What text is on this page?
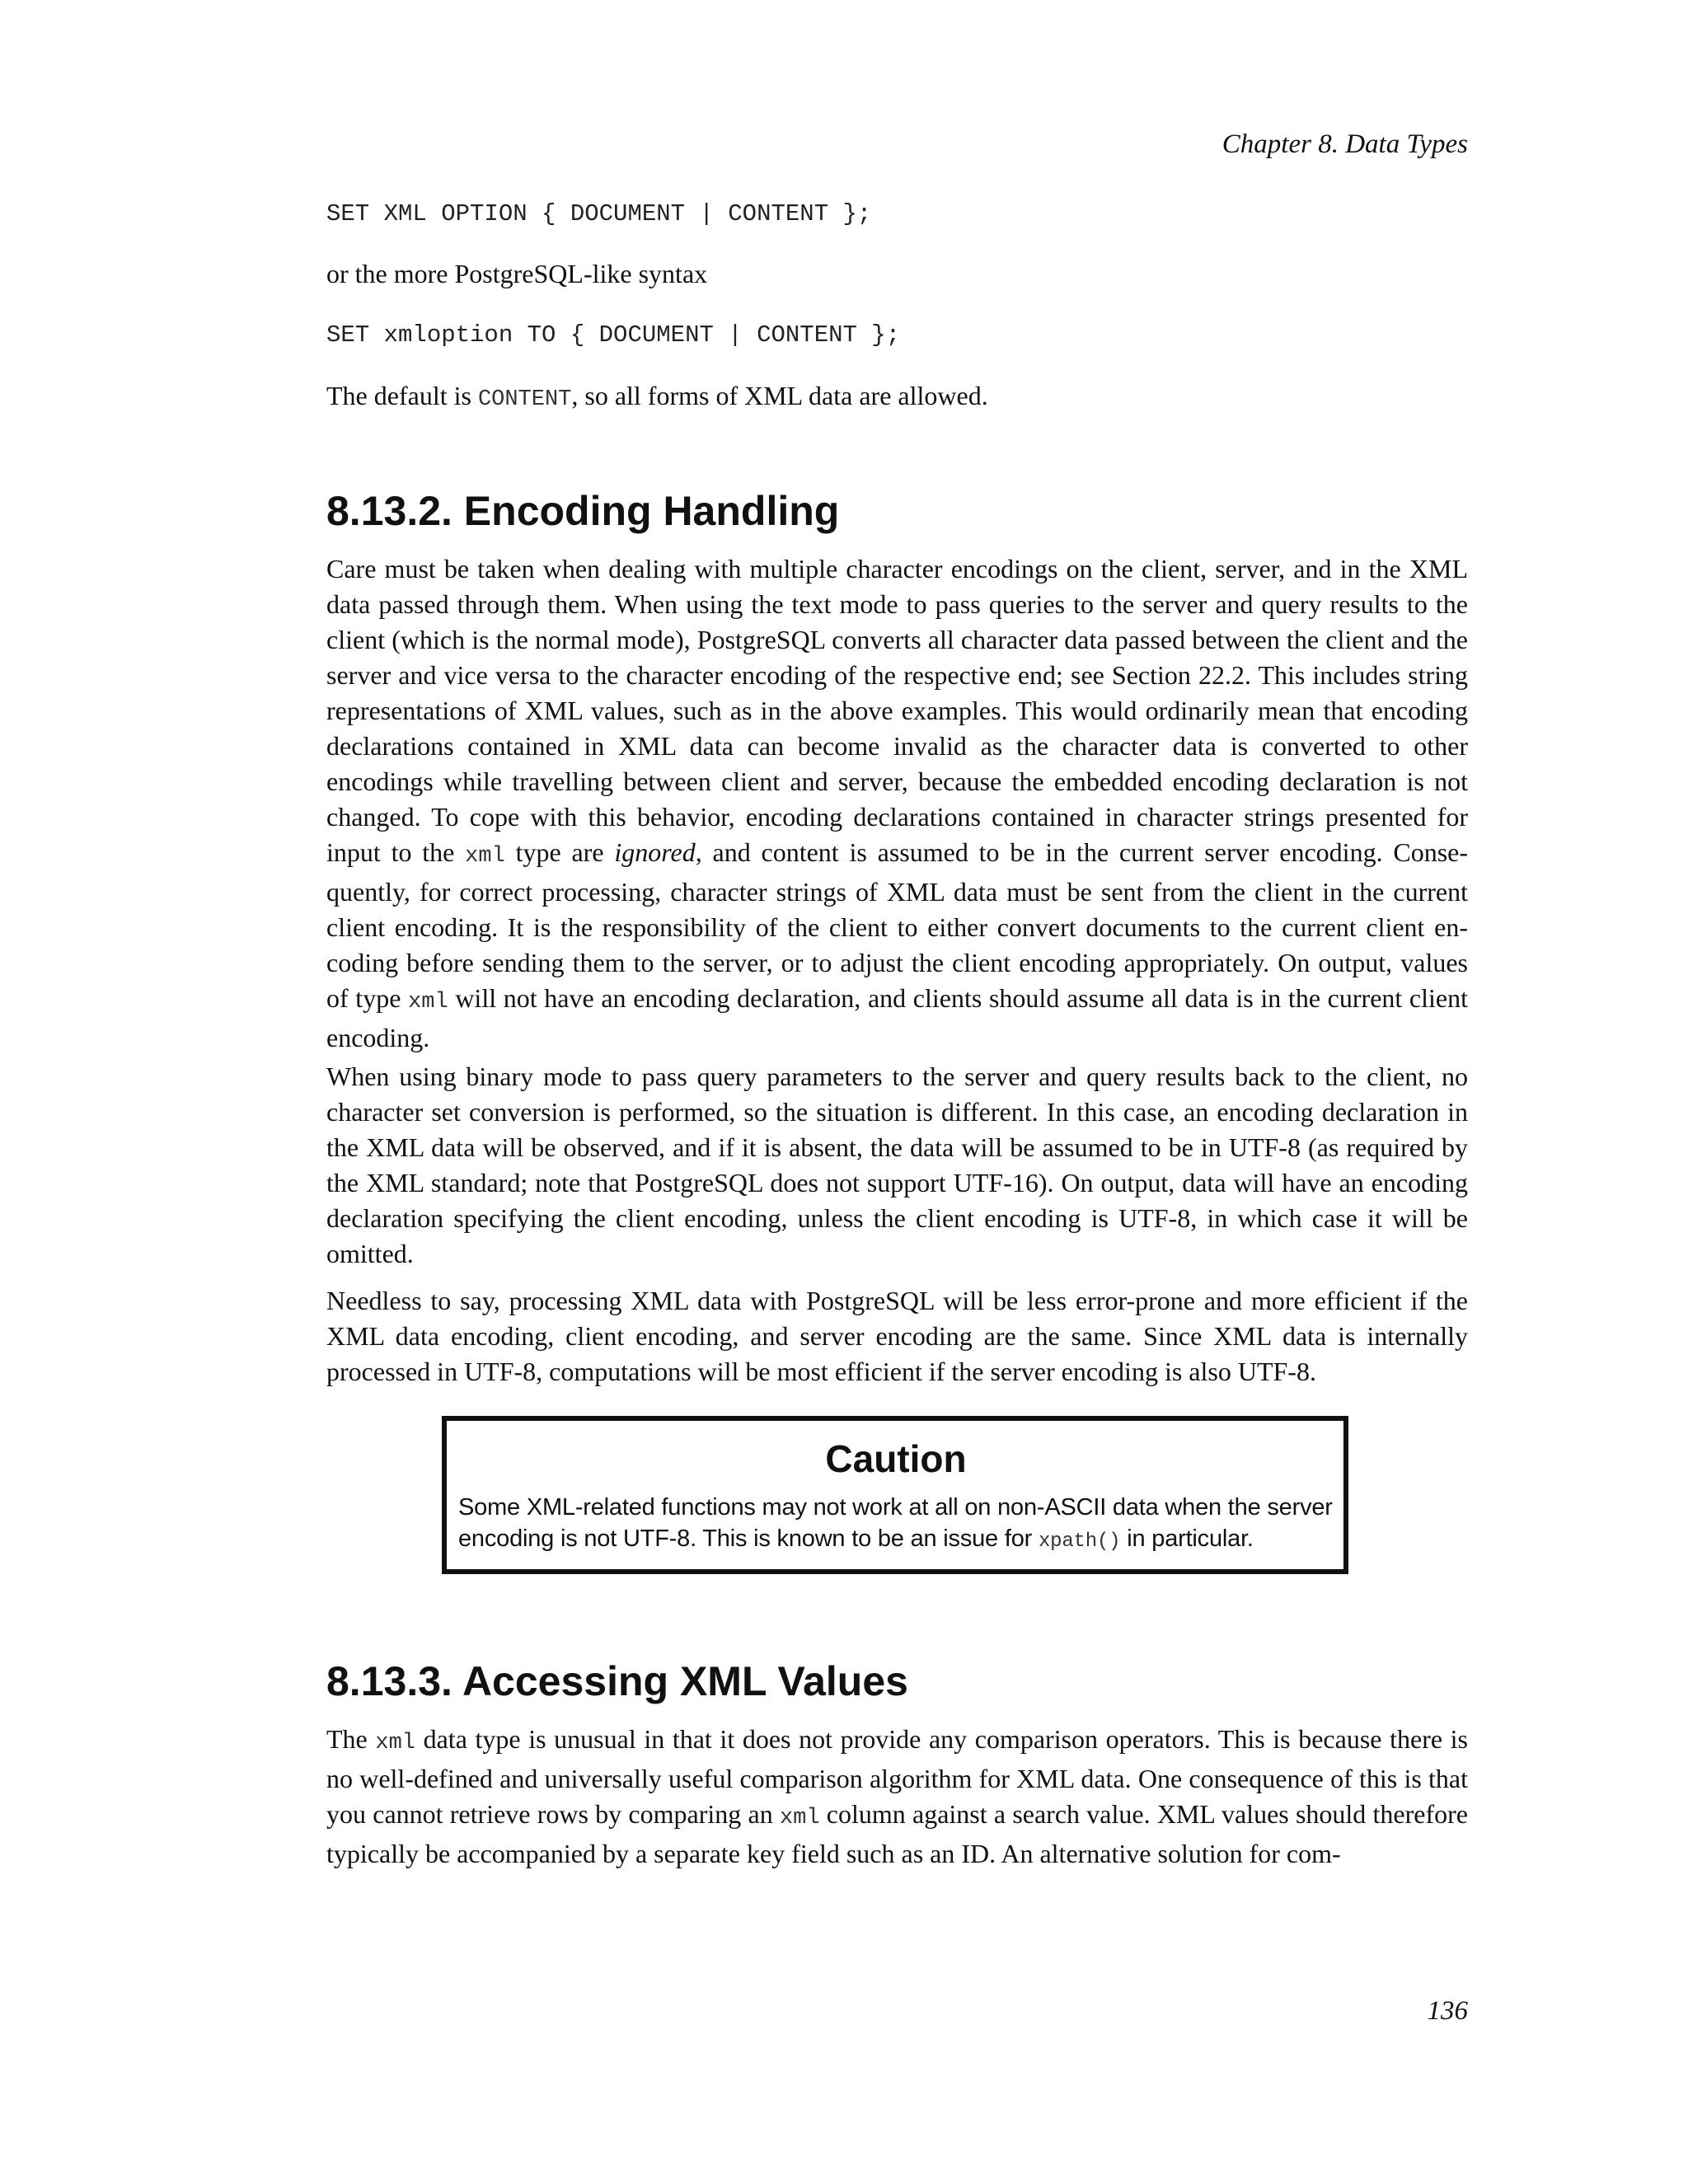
Chapter 8. Data Types
SET XML OPTION { DOCUMENT | CONTENT };
or the more PostgreSQL-like syntax
SET xmloption TO { DOCUMENT | CONTENT };
The default is CONTENT, so all forms of XML data are allowed.
8.13.2. Encoding Handling
Care must be taken when dealing with multiple character encodings on the client, server, and in the XML data passed through them. When using the text mode to pass queries to the server and query results to the client (which is the normal mode), PostgreSQL converts all character data passed between the client and the server and vice versa to the character encoding of the respective end; see Section 22.2. This includes string representations of XML values, such as in the above examples. This would ordinarily mean that encoding declarations contained in XML data can become invalid as the character data is converted to other encodings while travelling between client and server, because the embedded encoding declaration is not changed. To cope with this behavior, encoding declarations contained in character strings presented for input to the xml type are ignored, and content is assumed to be in the current server encoding. Consequently, for correct processing, character strings of XML data must be sent from the client in the current client encoding. It is the responsibility of the client to either convert documents to the current client encoding before sending them to the server, or to adjust the client encoding appropriately. On output, values of type xml will not have an encoding declaration, and clients should assume all data is in the current client encoding.
When using binary mode to pass query parameters to the server and query results back to the client, no character set conversion is performed, so the situation is different. In this case, an encoding declaration in the XML data will be observed, and if it is absent, the data will be assumed to be in UTF-8 (as required by the XML standard; note that PostgreSQL does not support UTF-16). On output, data will have an encoding declaration specifying the client encoding, unless the client encoding is UTF-8, in which case it will be omitted.
Needless to say, processing XML data with PostgreSQL will be less error-prone and more efficient if the XML data encoding, client encoding, and server encoding are the same. Since XML data is internally processed in UTF-8, computations will be most efficient if the server encoding is also UTF-8.
Caution
Some XML-related functions may not work at all on non-ASCII data when the server encoding is not UTF-8. This is known to be an issue for xpath() in particular.
8.13.3. Accessing XML Values
The xml data type is unusual in that it does not provide any comparison operators. This is because there is no well-defined and universally useful comparison algorithm for XML data. One consequence of this is that you cannot retrieve rows by comparing an xml column against a search value. XML values should therefore typically be accompanied by a separate key field such as an ID. An alternative solution for com-
136
